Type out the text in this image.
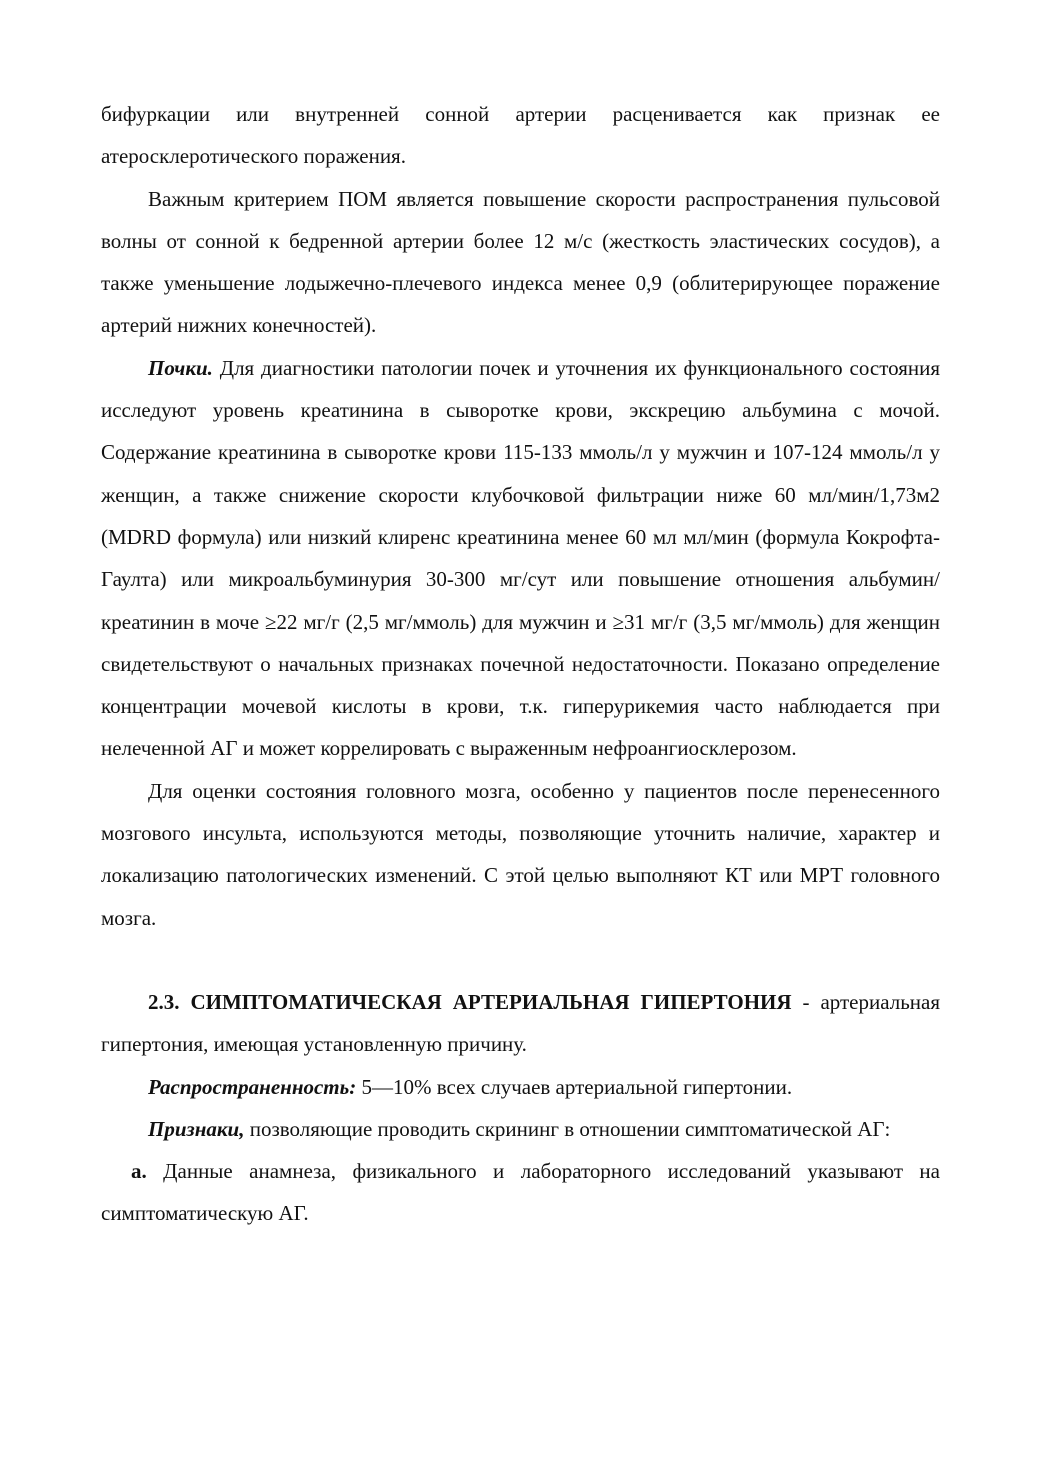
бифуркации или внутренней сонной артерии расценивается как признак ее атеросклеротического поражения.

Важным критерием ПОМ является повышение скорости распространения пульсовой волны от сонной к бедренной артерии более 12 м/с (жесткость эластических сосудов), а также уменьшение лодыжечно-плечевого индекса менее 0,9 (облитерирующее поражение артерий нижних конечностей).

Почки. Для диагностики патологии почек и уточнения их функционального состояния исследуют уровень креатинина в сыворотке крови, экскрецию альбумина с мочой. Содержание креатинина в сыворотке крови 115-133 ммоль/л у мужчин и 107-124 ммоль/л у женщин, а также снижение скорости клубочковой фильтрации ниже 60 мл/мин/1,73м2 (MDRD формула) или низкий клиренс креатинина менее 60 мл мл/мин (формула Кокрофта-Гаулта) или микроальбуминурия 30-300 мг/сут или повышение отношения альбумин/креатинин в моче ≥22 мг/г (2,5 мг/ммоль) для мужчин и ≥31 мг/г (3,5 мг/ммоль) для женщин свидетельствуют о начальных признаках почечной недостаточности. Показано определение концентрации мочевой кислоты в крови, т.к. гиперурикемия часто наблюдается при нелеченной АГ и может коррелировать с выраженным нефроангиосклерозом.

Для оценки состояния головного мозга, особенно у пациентов после перенесенного мозгового инсульта, используются методы, позволяющие уточнить наличие, характер и локализацию патологических изменений. С этой целью выполняют КТ или МРТ головного мозга.

2.3. СИМПТОМАТИЧЕСКАЯ АРТЕРИАЛЬНАЯ ГИПЕРТОНИЯ - артериальная гипертония, имеющая установленную причину.

Распространенность: 5—10% всех случаев артериальной гипертонии.

Признаки, позволяющие проводить скрининг в отношении симптоматической АГ:

а. Данные анамнеза, физикального и лабораторного исследований указывают на симптоматическую АГ.
